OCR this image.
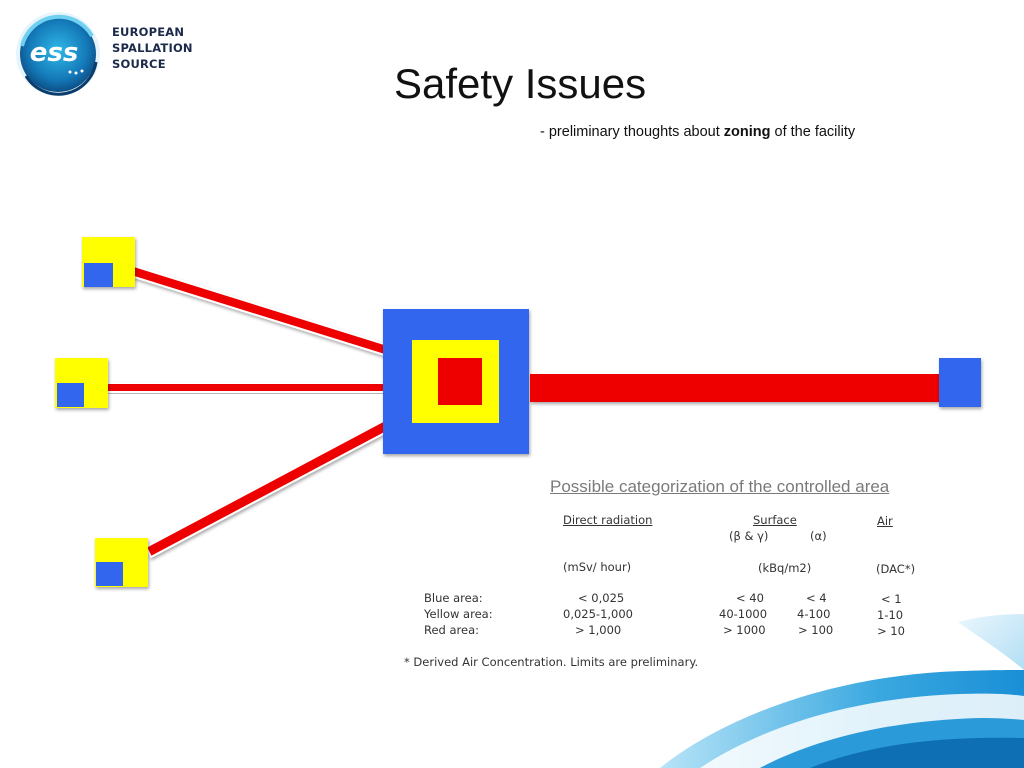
ess
EUROPEAN
SPALLATION
SOURCE	Safety Issues
- preliminary thoughts about zoning of the facility
Possible categorization of the controlled area
Direct radiation	Surface	Air
(β & γ)	(α)
(mSv/ hour)	(kBq/m2)	(DAC*)
Blue area:	< 0,025	< 40	< 4	< 1
Yellow area:	0,025-1,000	40-1000	4-100	1-10
Red area:	> 1,000	> 1000	> 100	> 10
* Derived Air Concentration. Limits are preliminary.
